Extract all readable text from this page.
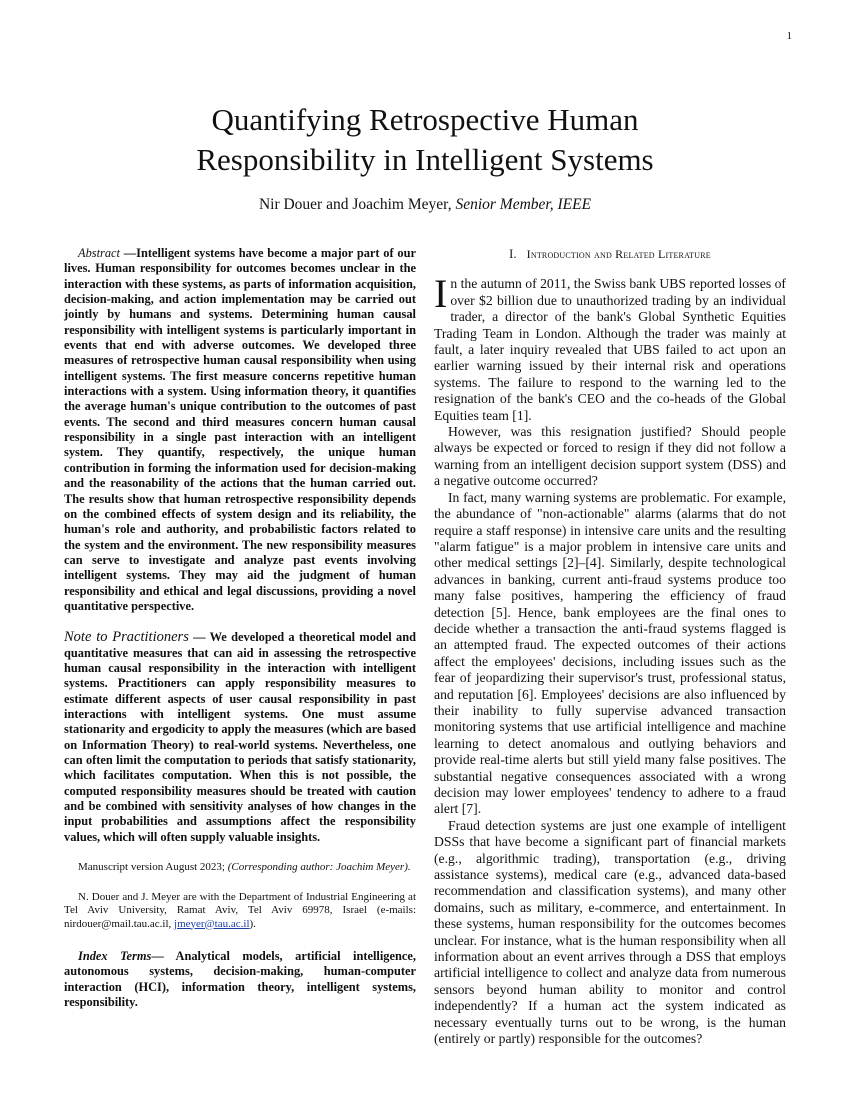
1
Quantifying Retrospective Human
Responsibility in Intelligent Systems
Nir Douer and Joachim Meyer, Senior Member, IEEE

Abstract —Intelligent systems have become a major part of our lives. Human responsibility for outcomes becomes unclear in the interaction with these systems, as parts of information acquisition, decision-making, and action implementation may be carried out jointly by humans and systems. Determining human causal responsibility with intelligent systems is particularly important in events that end with adverse outcomes. We developed three measures of retrospective human causal responsibility when using intelligent systems. The first measure concerns repetitive human interactions with a system. Using information theory, it quantifies the average human's unique contribution to the outcomes of past events. The second and third measures concern human causal responsibility in a single past interaction with an intelligent system. They quantify, respectively, the unique human contribution in forming the information used for decision-making and the reasonability of the actions that the human carried out. The results show that human retrospective responsibility depends on the combined effects of system design and its reliability, the human's role and authority, and probabilistic factors related to the system and the environment. The new responsibility measures can serve to investigate and analyze past events involving intelligent systems. They may aid the judgment of human responsibility and ethical and legal discussions, providing a novel quantitative perspective.

Note to Practitioners — We developed a theoretical model and quantitative measures that can aid in assessing the retrospective human causal responsibility in the interaction with intelligent systems. Practitioners can apply responsibility measures to estimate different aspects of user causal responsibility in past interactions with intelligent systems. One must assume stationarity and ergodicity to apply the measures (which are based on Information Theory) to real-world systems. Nevertheless, one can often limit the computation to periods that satisfy stationarity, which facilitates computation. When this is not possible, the computed responsibility measures should be treated with caution and be combined with sensitivity analyses of how changes in the input probabilities and assumptions affect the responsibility values, which will often supply valuable insights.

Manuscript version August 2023; (Corresponding author: Joachim Meyer).

N. Douer and J. Meyer are with the Department of Industrial Engineering at Tel Aviv University, Ramat Aviv, Tel Aviv 69978, Israel (e-mails: nirdouer@mail.tau.ac.il, jmeyer@tau.ac.il).

Index Terms— Analytical models, artificial intelligence, autonomous systems, decision-making, human-computer interaction (HCI), information theory, intelligent systems, responsibility.

I. Introduction and Related Literature

In the autumn of 2011, the Swiss bank UBS reported losses of over $2 billion due to unauthorized trading by an individual trader, a director of the bank's Global Synthetic Equities Trading Team in London. Although the trader was mainly at fault, a later inquiry revealed that UBS failed to act upon an earlier warning issued by their internal risk and operations systems. The failure to respond to the warning led to the resignation of the bank's CEO and the co-heads of the Global Equities team [1].

However, was this resignation justified? Should people always be expected or forced to resign if they did not follow a warning from an intelligent decision support system (DSS) and a negative outcome occurred?

In fact, many warning systems are problematic. For example, the abundance of "non-actionable" alarms (alarms that do not require a staff response) in intensive care units and the resulting "alarm fatigue" is a major problem in intensive care units and other medical settings [2]–[4]. Similarly, despite technological advances in banking, current anti-fraud systems produce too many false positives, hampering the efficiency of fraud detection [5]. Hence, bank employees are the final ones to decide whether a transaction the anti-fraud systems flagged is an attempted fraud. The expected outcomes of their actions affect the employees' decisions, including issues such as the fear of jeopardizing their supervisor's trust, professional status, and reputation [6]. Employees' decisions are also influenced by their inability to fully supervise advanced transaction monitoring systems that use artificial intelligence and machine learning to detect anomalous and outlying behaviors and provide real-time alerts but still yield many false positives. The substantial negative consequences associated with a wrong decision may lower employees' tendency to adhere to a fraud alert [7].

Fraud detection systems are just one example of intelligent DSSs that have become a significant part of financial markets (e.g., algorithmic trading), transportation (e.g., driving assistance systems), medical care (e.g., advanced data-based recommendation and classification systems), and many other domains, such as military, e-commerce, and entertainment. In these systems, human responsibility for the outcomes becomes unclear. For instance, what is the human responsibility when all information about an event arrives through a DSS that employs artificial intelligence to collect and analyze data from numerous sensors beyond human ability to monitor and control independently? If a human act the system indicated as necessary eventually turns out to be wrong, is the human (entirely or partly) responsible for the outcomes?
